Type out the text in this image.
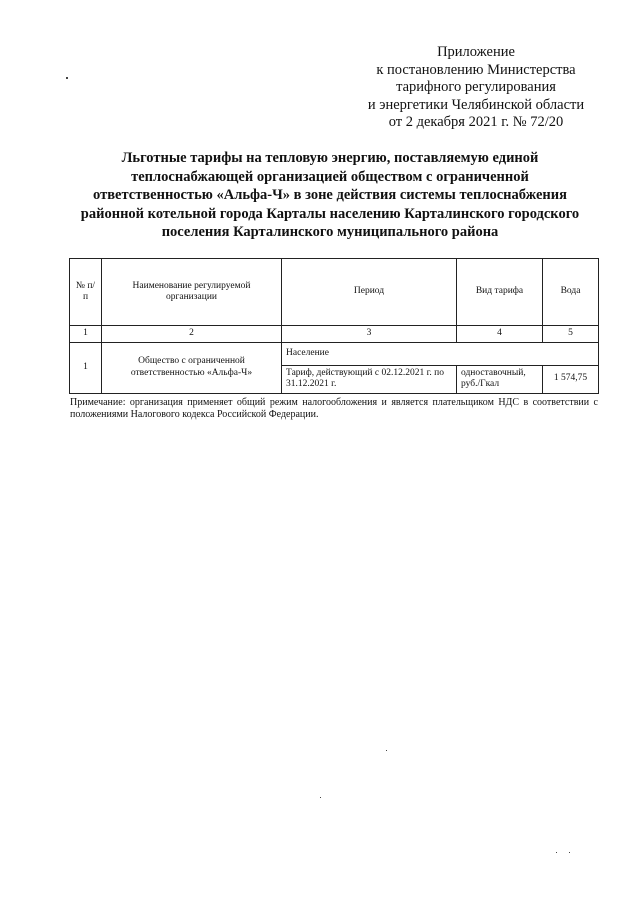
Приложение
к постановлению Министерства
тарифного регулирования
и энергетики Челябинской области
от 2 декабря 2021 г. № 72/20
Льготные тарифы на тепловую энергию, поставляемую единой
теплоснабжающей организацией обществом с ограниченной
ответственностью «Альфа-Ч» в зоне действия системы теплоснабжения
районной котельной города Карталы населению Карталинского городского
поселения Карталинского муниципального района
№ п/п	Наименование регулируемой организации	Период	Вид тарифа	Вода
1	2	3	4	5
1	Общество с ограниченной ответственностью «Альфа-Ч»	Население		
		Тариф, действующий с 02.12.2021 г. по 31.12.2021 г.	одноставочный, руб./Гкал	1 574,75
Примечание: организация применяет общий режим налогообложения и является плательщиком НДС в соответствии с положениями Налогового кодекса Российской Федерации.
